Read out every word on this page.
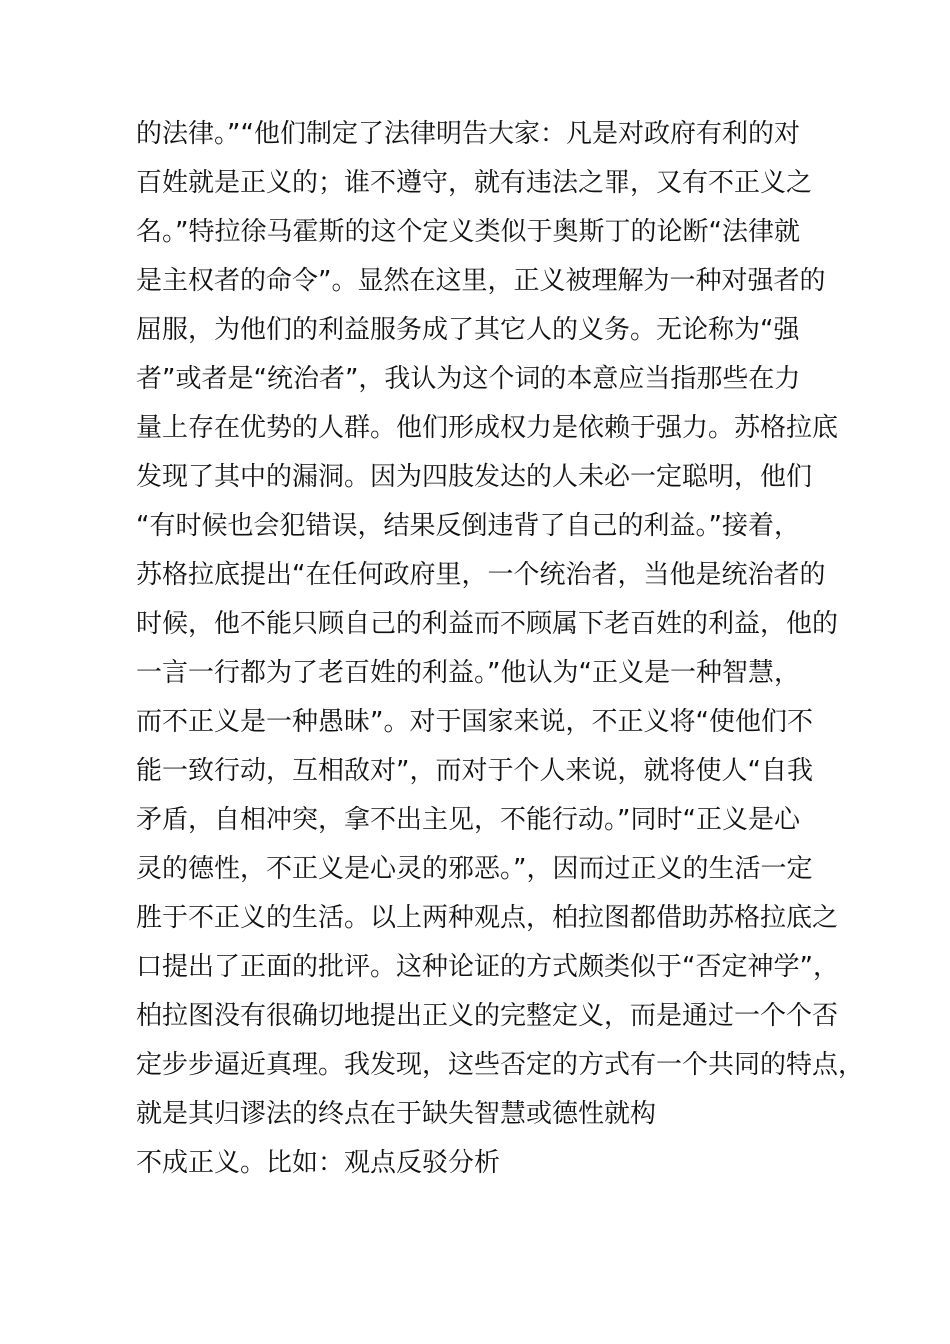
的法律。”“他们制定了法律明告大家：凡是对政府有利的对
百姓就是正义的；谁不遵守，就有违法之罪，又有不正义之
名。”特拉徐马霍斯的这个定义类似于奥斯丁的论断“法律就
是主权者的命令”。显然在这里，正义被理解为一种对强者的
屈服，为他们的利益服务成了其它人的义务。无论称为“强
者”或者是“统治者”，我认为这个词的本意应当指那些在力
量上存在优势的人群。他们形成权力是依赖于强力。苏格拉底
发现了其中的漏洞。因为四肢发达的人未必一定聪明，他们
“有时候也会犯错误，结果反倒违背了自己的利益。”接着，
苏格拉底提出“在任何政府里，一个统治者，当他是统治者的
时候，他不能只顾自己的利益而不顾属下老百姓的利益，他的
一言一行都为了老百姓的利益。”他认为“正义是一种智慧，
而不正义是一种愚昧”。对于国家来说，不正义将“使他们不
能一致行动，互相敌对”，而对于个人来说，就将使人“自我
矛盾，自相冲突，拿不出主见，不能行动。”同时“正义是心
灵的德性，不正义是心灵的邪恶。”，因而过正义的生活一定
胜于不正义的生活。以上两种观点，柏拉图都借助苏格拉底之
口提出了正面的批评。这种论证的方式颇类似于“否定神学”，
柏拉图没有很确切地提出正义的完整定义，而是通过一个个否
定步步逼近真理。我发现，这些否定的方式有一个共同的特点，
就是其归谬法的终点在于缺失智慧或德性就构
不成正义。比如：观点反驳分析
